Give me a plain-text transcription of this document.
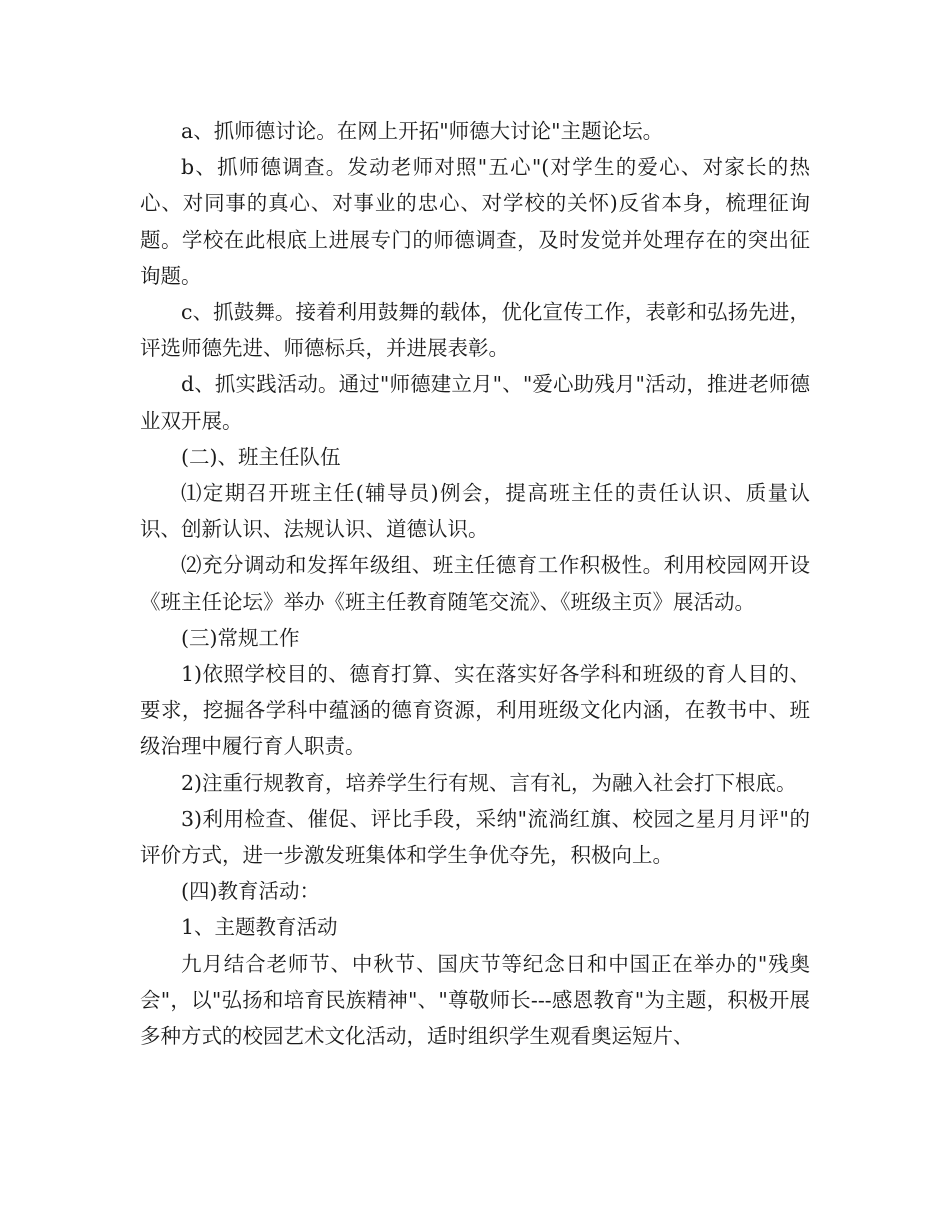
a、抓师德讨论。在网上开拓"师德大讨论"主题论坛。

b、抓师德调查。发动老师对照"五心"(对学生的爱心、对家长的热心、对同事的真心、对事业的忠心、对学校的关怀)反省本身，梳理征询题。学校在此根底上进展专门的师德调查，及时发觉并处理存在的突出征询题。

c、抓鼓舞。接着利用鼓舞的载体，优化宣传工作，表彰和弘扬先进，评选师德先进、师德标兵，并进展表彰。

d、抓实践活动。通过"师德建立月"、"爱心助残月"活动，推进老师德业双开展。

(二)、班主任队伍

⑴定期召开班主任(辅导员)例会，提高班主任的责任认识、质量认识、创新认识、法规认识、道德认识。

⑵充分调动和发挥年级组、班主任德育工作积极性。利用校园网开设《班主任论坛》举办《班主任教育随笔交流》、《班级主页》展活动。

(三)常规工作

1)依照学校目的、德育打算、实在落实好各学科和班级的育人目的、要求，挖掘各学科中蕴涵的德育资源，利用班级文化内涵，在教书中、班级治理中履行育人职责。

2)注重行规教育，培养学生行有规、言有礼，为融入社会打下根底。

3)利用检查、催促、评比手段，采纳"流淌红旗、校园之星月月评"的评价方式，进一步激发班集体和学生争优夺先，积极向上。

(四)教育活动：

1、主题教育活动

九月结合老师节、中秋节、国庆节等纪念日和中国正在举办的"残奥会"，以"弘扬和培育民族精神"、"尊敬师长---感恩教育"为主题，积极开展多种方式的校园艺术文化活动，适时组织学生观看奥运短片、
